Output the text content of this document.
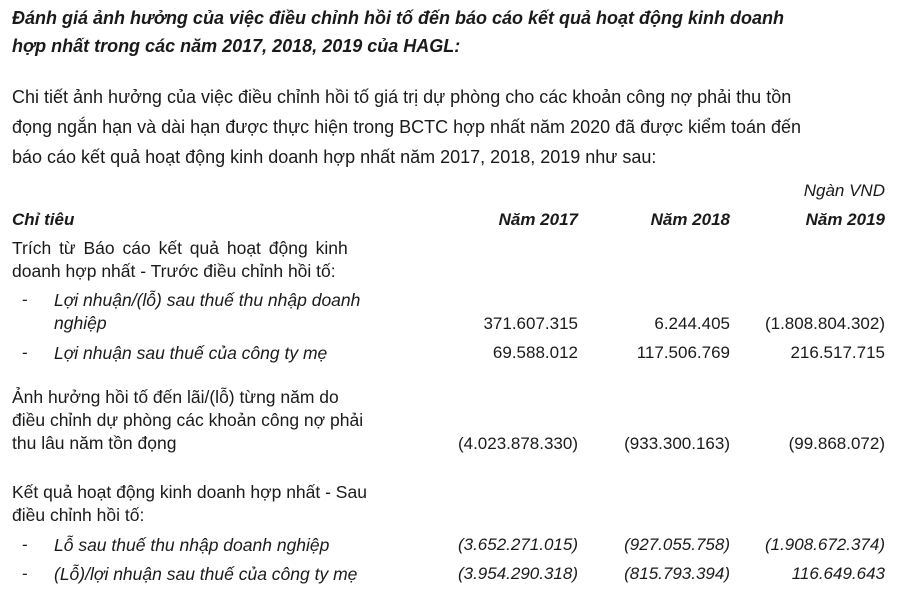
Đánh giá ảnh hưởng của việc điều chỉnh hồi tố đến báo cáo kết quả hoạt động kinh doanh
hợp nhất trong các năm 2017, 2018, 2019 của HAGL:
Chi tiết ảnh hưởng của việc điều chỉnh hồi tố giá trị dự phòng cho các khoản công nợ phải thu tồn
đọng ngắn hạn và dài hạn được thực hiện trong BCTC hợp nhất năm 2020 đã được kiểm toán đến
báo cáo kết quả hoạt động kinh doanh hợp nhất năm 2017, 2018, 2019 như sau:
Ngàn VND
Chỉ tiêu	Năm 2017	Năm 2018	Năm 2019
Trích từ Báo cáo kết quả hoạt động kinh
doanh hợp nhất - Trước điều chỉnh hồi tố:
- Lợi nhuận/(lỗ) sau thuế thu nhập doanh
nghiệp	371.607.315	6.244.405 (1.808.804.302)
- Lợi nhuận sau thuế của công ty mẹ	69.588.012	117.506.769	216.517.715
Ảnh hưởng hồi tố đến lãi/(lỗ) từng năm do
điều chỉnh dự phòng các khoản công nợ phải
thu lâu năm tồn đọng	(4.023.878.330)	(933.300.163)	(99.868.072)
Kết quả hoạt động kinh doanh hợp nhất - Sau
điều chỉnh hồi tố:
- Lỗ sau thuế thu nhập doanh nghiệp	(3.652.271.015)	(927.055.758) (1.908.672.374)
- (Lỗ)/lợi nhuận sau thuế của công ty mẹ	(3.954.290.318)	(815.793.394)	116.649.643
